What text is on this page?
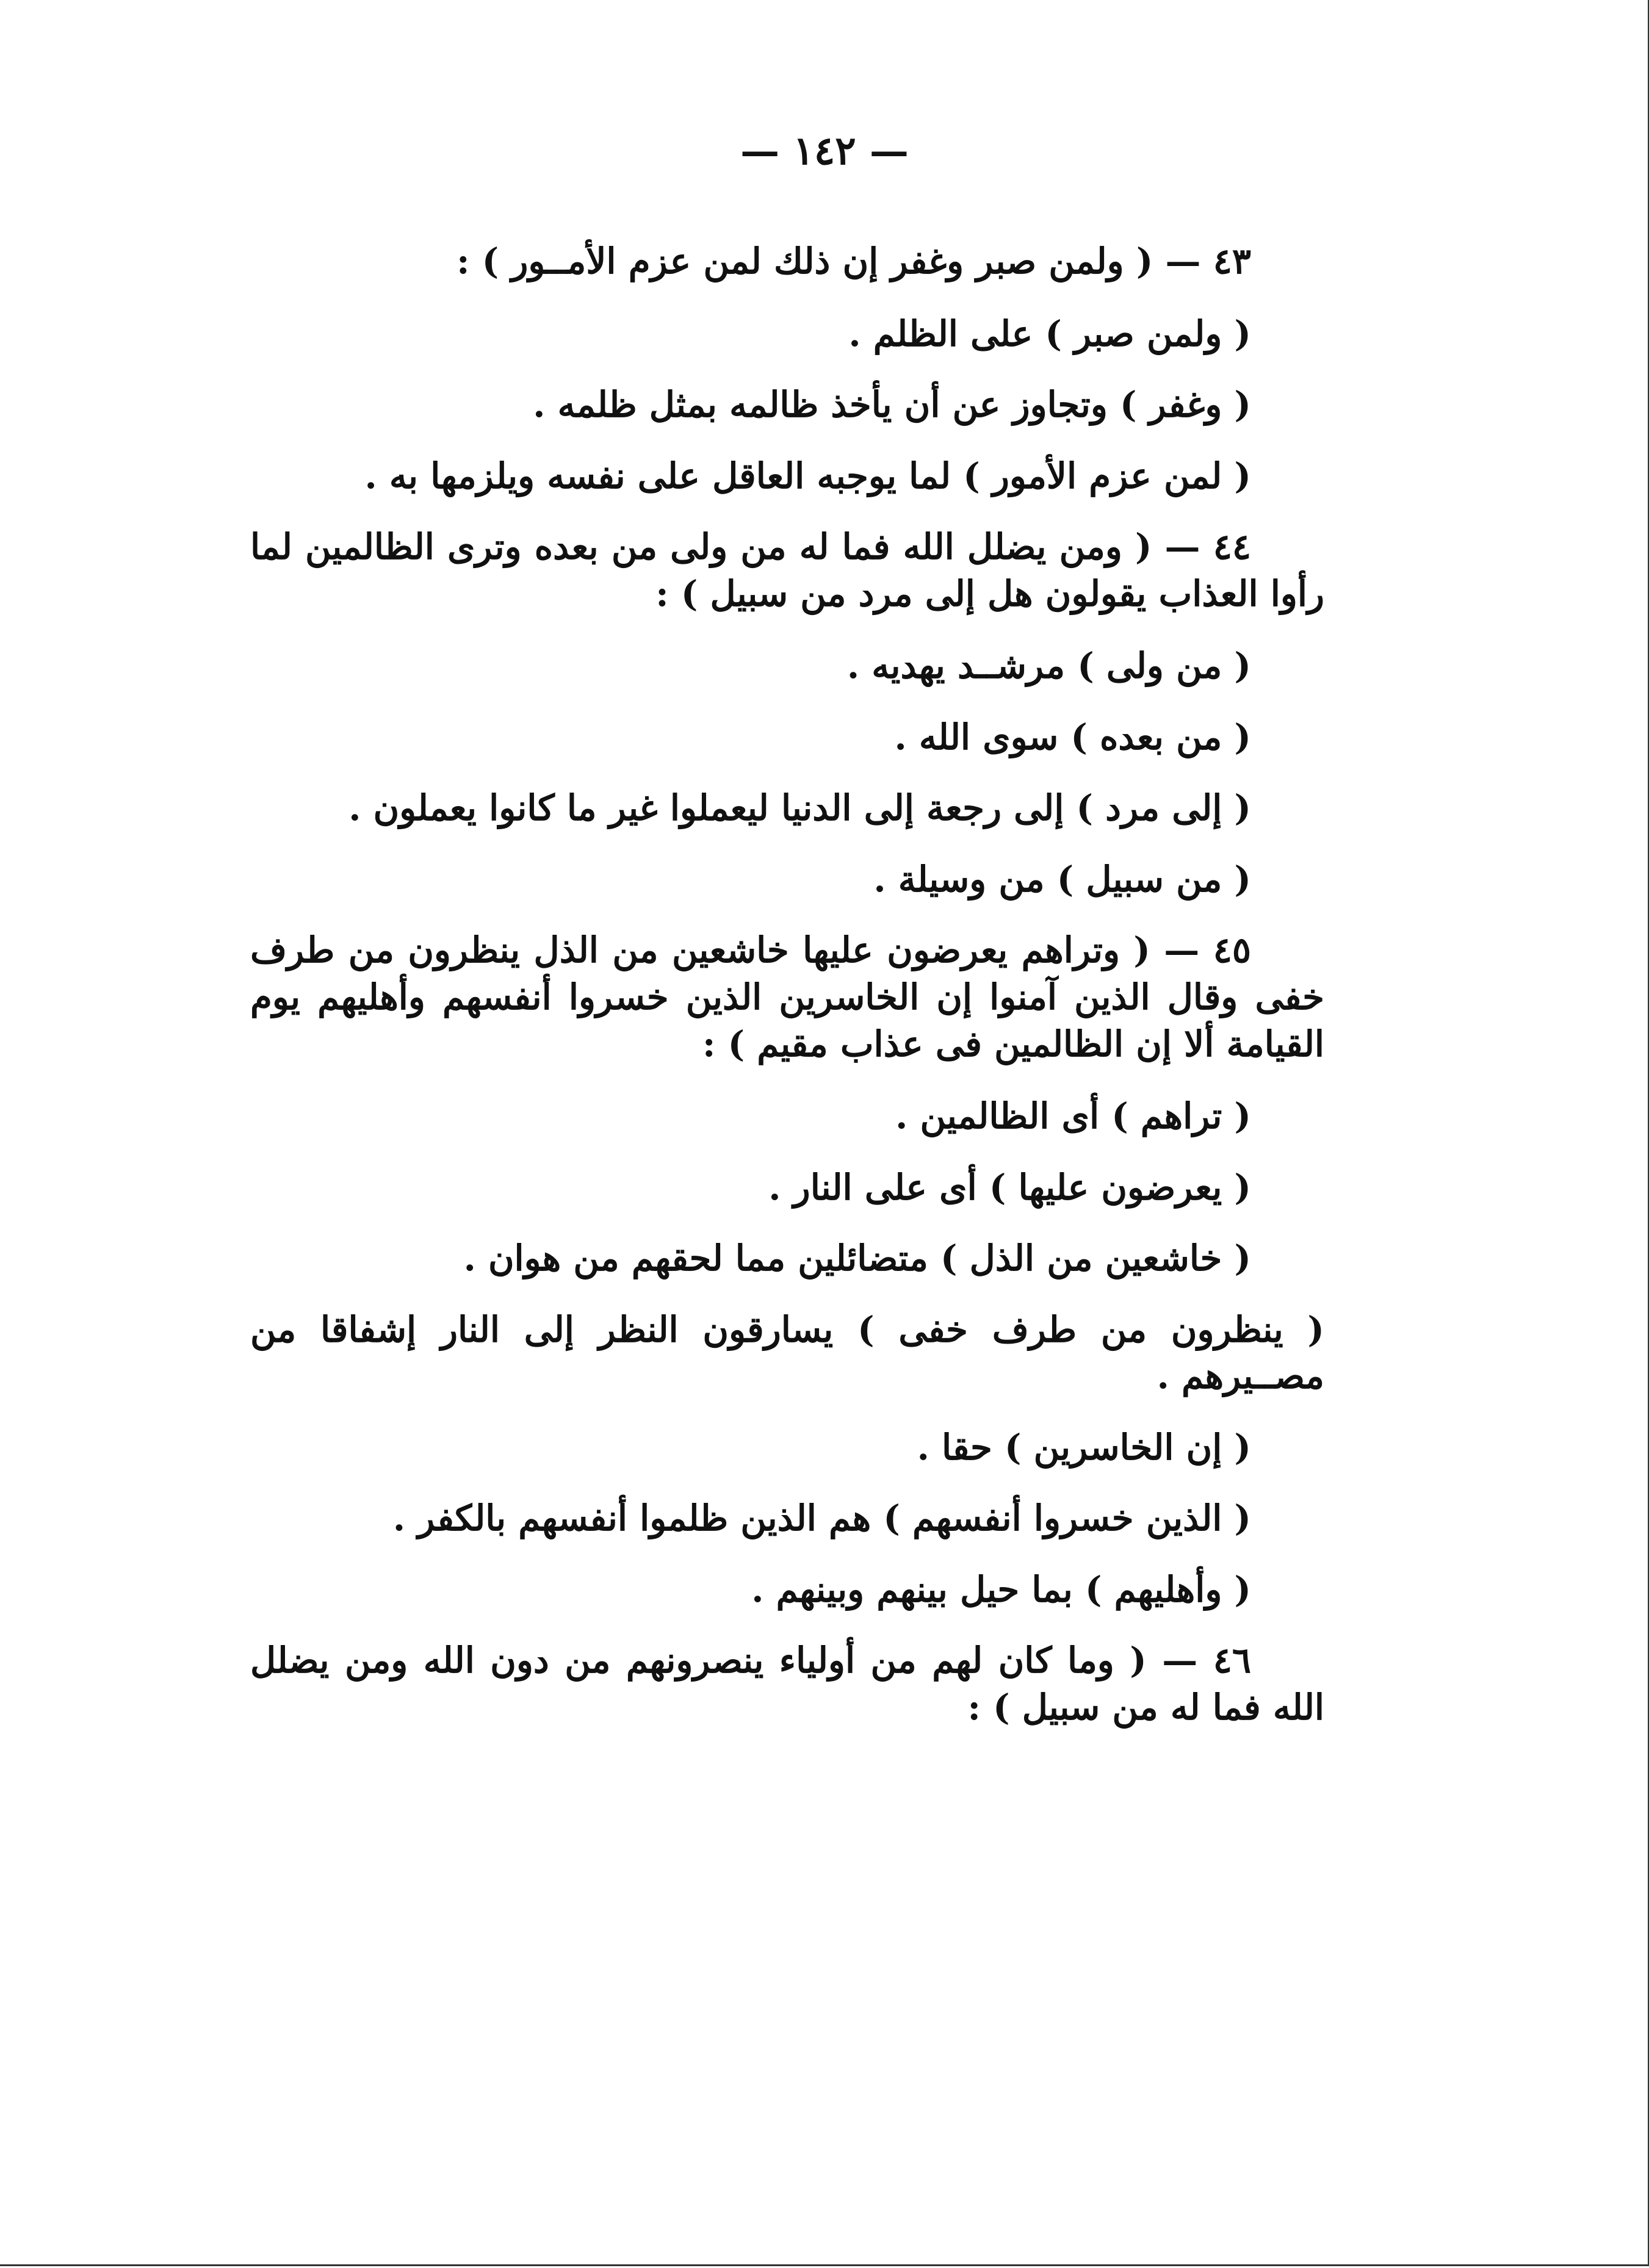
— ١٤٢ —

٤٣ — ( ولمن صبر وغفر إن ذلك لمن عزم الأمــور ) :

( ولمن صبر ) على الظلم .

( وغفر ) وتجاوز عن أن يأخذ ظالمه بمثل ظلمه .

( لمن عزم الأمور ) لما يوجبه العاقل على نفسه ويلزمها به .

٤٤ — ( ومن يضلل الله فما له من ولى من بعده وترى الظالمين لما رأوا العذاب يقولون هل إلى مرد من سبيل ) :

( من ولى ) مرشــد يهديه .

( من بعده ) سوى الله .

( إلى مرد ) إلى رجعة إلى الدنيا ليعملوا غير ما كانوا يعملون .

( من سبيل ) من وسيلة .

٤٥ — ( وتراهم يعرضون عليها خاشعين من الذل ينظرون من طرف خفى وقال الذين آمنوا إن الخاسرين الذين خسروا أنفسهم وأهليهم يوم القيامة ألا إن الظالمين فى عذاب مقيم ) :

( تراهم ) أى الظالمين .

( يعرضون عليها ) أى على النار .

( خاشعين من الذل ) متضائلين مما لحقهم من هوان .

( ينظرون من طرف خفى ) يسارقون النظر إلى النار إشفاقا من مصــيرهم .

( إن الخاسرين ) حقا .

( الذين خسروا أنفسهم ) هم الذين ظلموا أنفسهم بالكفر .

( وأهليهم ) بما حيل بينهم وبينهم .

٤٦ — ( وما كان لهم من أولياء ينصرونهم من دون الله ومن يضلل الله فما له من سبيل ) :
